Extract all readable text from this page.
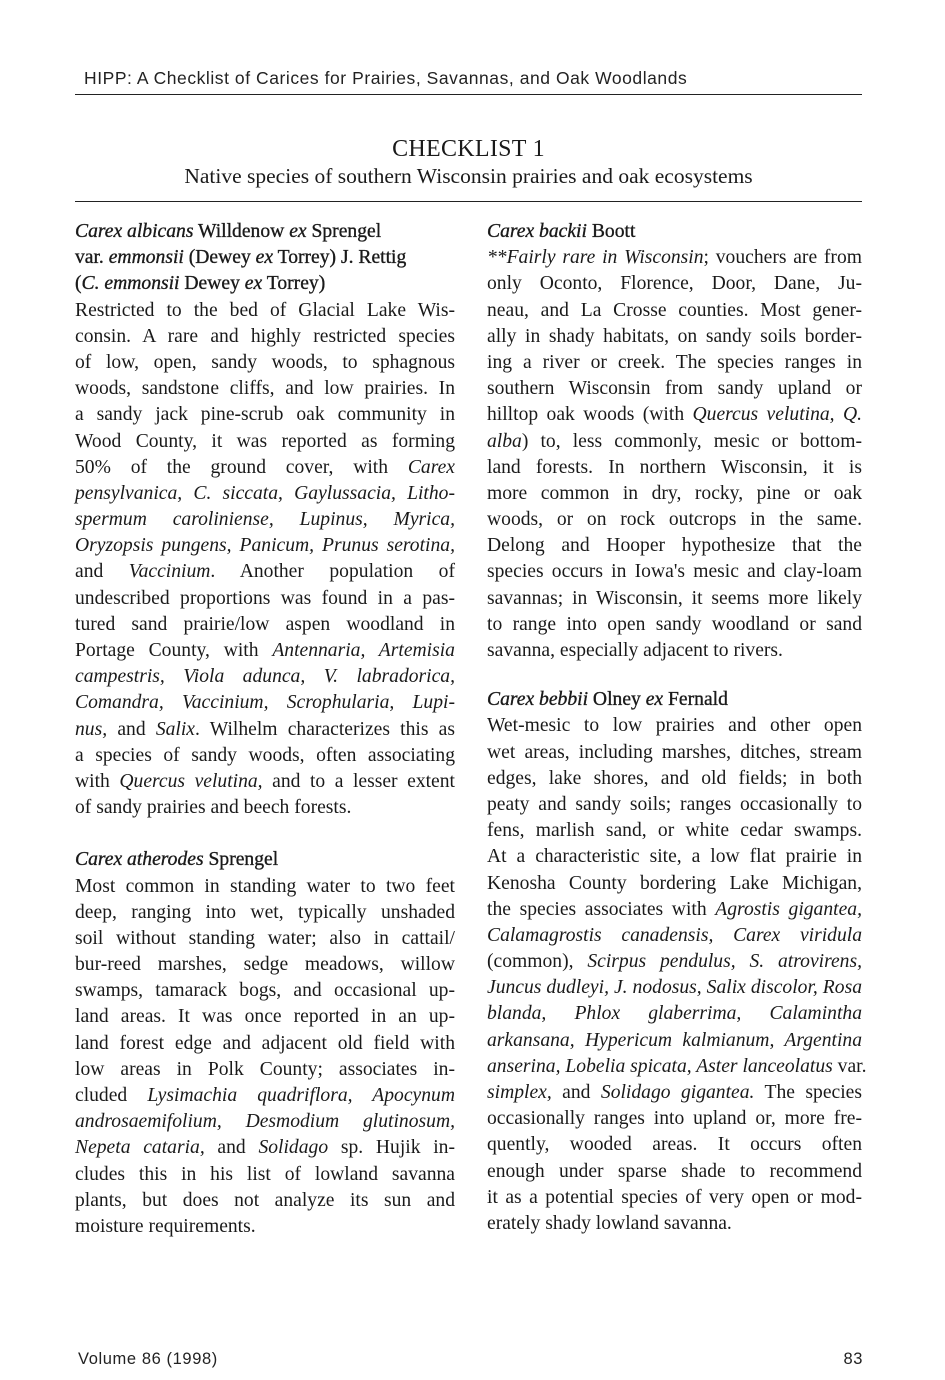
HIPP: A Checklist of Carices for Prairies, Savannas, and Oak Woodlands
CHECKLIST 1
Native species of southern Wisconsin prairies and oak ecosystems
Carex albicans Willdenow ex Sprengel
var. emmonsii (Dewey ex Torrey) J. Rettig
(C. emmonsii Dewey ex Torrey)
Restricted to the bed of Glacial Lake Wis-
consin. A rare and highly restricted species
of low, open, sandy woods, to sphagnous
woods, sandstone cliffs, and low prairies. In
a sandy jack pine-scrub oak community in
Wood County, it was reported as forming
50% of the ground cover, with Carex
pensylvanica, C. siccata, Gaylussacia, Litho-
spermum caroliniense, Lupinus, Myrica,
Oryzopsis pungens, Panicum, Prunus serotina,
and Vaccinium. Another population of
undescribed proportions was found in a pas-
tured sand prairie/low aspen woodland in
Portage County, with Antennaria, Artemisia
campestris, Viola adunca, V. labradorica,
Comandra, Vaccinium, Scrophularia, Lupi-
nus, and Salix. Wilhelm characterizes this as
a species of sandy woods, often associating
with Quercus velutina, and to a lesser extent
of sandy prairies and beech forests.
Carex atherodes Sprengel
Most common in standing water to two feet
deep, ranging into wet, typically unshaded
soil without standing water; also in cattail/
bur-reed marshes, sedge meadows, willow
swamps, tamarack bogs, and occasional up-
land areas. It was once reported in an up-
land forest edge and adjacent old field with
low areas in Polk County; associates in-
cluded Lysimachia quadriflora, Apocynum
androsaemifolium, Desmodium glutinosum,
Nepeta cataria, and Solidago sp. Hujik in-
cludes this in his list of lowland savanna
plants, but does not analyze its sun and
moisture requirements.
Carex backii Boott
**Fairly rare in Wisconsin; vouchers are from
only Oconto, Florence, Door, Dane, Ju-
neau, and La Crosse counties. Most gener-
ally in shady habitats, on sandy soils border-
ing a river or creek. The species ranges in
southern Wisconsin from sandy upland or
hilltop oak woods (with Quercus velutina, Q.
alba) to, less commonly, mesic or bottom-
land forests. In northern Wisconsin, it is
more common in dry, rocky, pine or oak
woods, or on rock outcrops in the same.
Delong and Hooper hypothesize that the
species occurs in Iowa's mesic and clay-loam
savannas; in Wisconsin, it seems more likely
to range into open sandy woodland or sand
savanna, especially adjacent to rivers.
Carex bebbii Olney ex Fernald
Wet-mesic to low prairies and other open
wet areas, including marshes, ditches, stream
edges, lake shores, and old fields; in both
peaty and sandy soils; ranges occasionally to
fens, marlish sand, or white cedar swamps.
At a characteristic site, a low flat prairie in
Kenosha County bordering Lake Michigan,
the species associates with Agrostis gigantea,
Calamagrostis canadensis, Carex viridula
(common), Scirpus pendulus, S. atrovirens,
Juncus dudleyi, J. nodosus, Salix discolor, Rosa
blanda, Phlox glaberrima, Calamintha
arkansana, Hypericum kalmianum, Argentina
anserina, Lobelia spicata, Aster lanceolatus var.
simplex, and Solidago gigantea. The species
occasionally ranges into upland or, more fre-
quently, wooded areas. It occurs often
enough under sparse shade to recommend
it as a potential species of very open or mod-
erately shady lowland savanna.
Volume 86 (1998)	83
